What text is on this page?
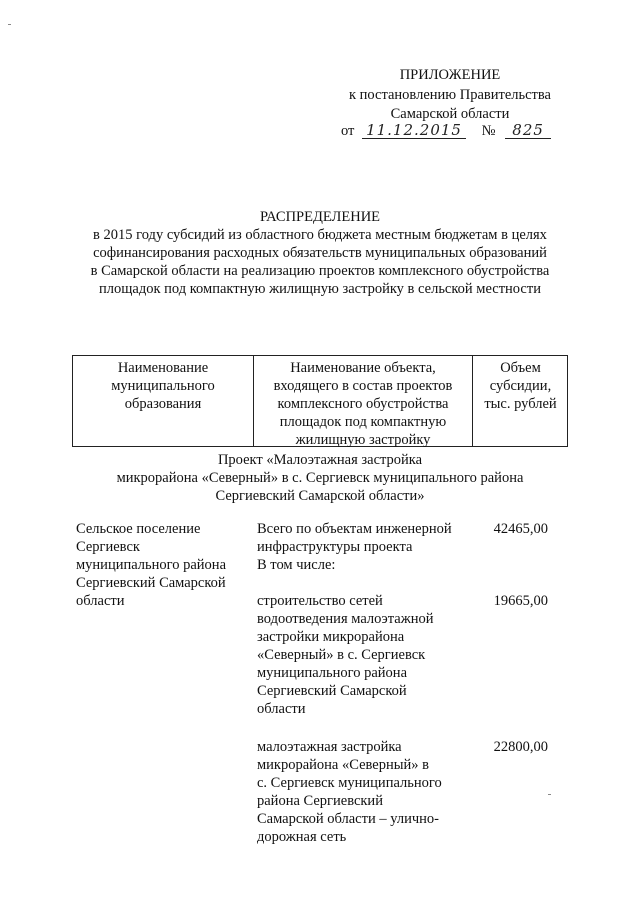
ПРИЛОЖЕНИЕ
к постановлению Правительства
Самарской области
от 11.12.2015 № 825
РАСПРЕДЕЛЕНИЕ
в 2015 году субсидий из областного бюджета местным бюджетам в целях
софинансирования расходных обязательств муниципальных образований
в Самарской области на реализацию проектов комплексного обустройства
площадок под компактную жилищную застройку в сельской местности
Наименование
муниципального
образования
Наименование объекта,
входящего в состав проектов
комплексного обустройства
площадок под компактную
жилищную застройку
Объем
субсидии,
тыс. рублей
Проект «Малоэтажная застройка
микрорайона «Северный» в с. Сергиевск муниципального района
Сергиевский Самарской области»
Сельское поселение
Сергиевск
муниципального района
Сергиевский Самарской
области
Всего по объектам инженерной
инфраструктуры проекта
В том числе:
42465,00
строительство сетей
водоотведения малоэтажной
застройки микрорайона
«Северный» в с. Сергиевск
муниципального района
Сергиевский Самарской
области
19665,00
малоэтажная застройка
микрорайона «Северный» в
с. Сергиевск муниципального
района Сергиевский
Самарской области – улично-
дорожная сеть
22800,00
